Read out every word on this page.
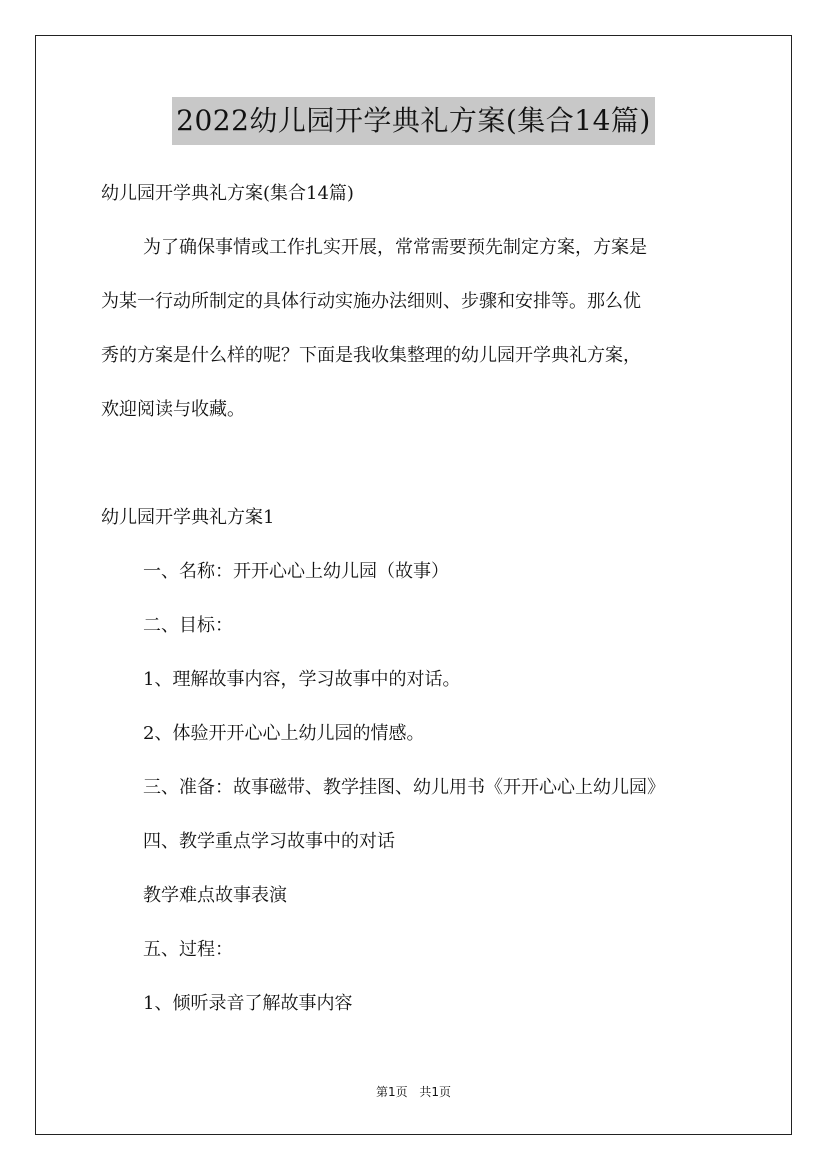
2022幼儿园开学典礼方案(集合14篇)
幼儿园开学典礼方案(集合14篇)
为了确保事情或工作扎实开展，常常需要预先制定方案，方案是
为某一行动所制定的具体行动实施办法细则、步骤和安排等。那么优
秀的方案是什么样的呢？下面是我收集整理的幼儿园开学典礼方案，
欢迎阅读与收藏。
幼儿园开学典礼方案1
一、名称：开开心心上幼儿园（故事）
二、目标：
1、理解故事内容，学习故事中的对话。
2、体验开开心心上幼儿园的情感。
三、准备：故事磁带、教学挂图、幼儿用书《开开心心上幼儿园》
四、教学重点学习故事中的对话
教学难点故事表演
五、过程：
1、倾听录音了解故事内容
第1页 共1页
